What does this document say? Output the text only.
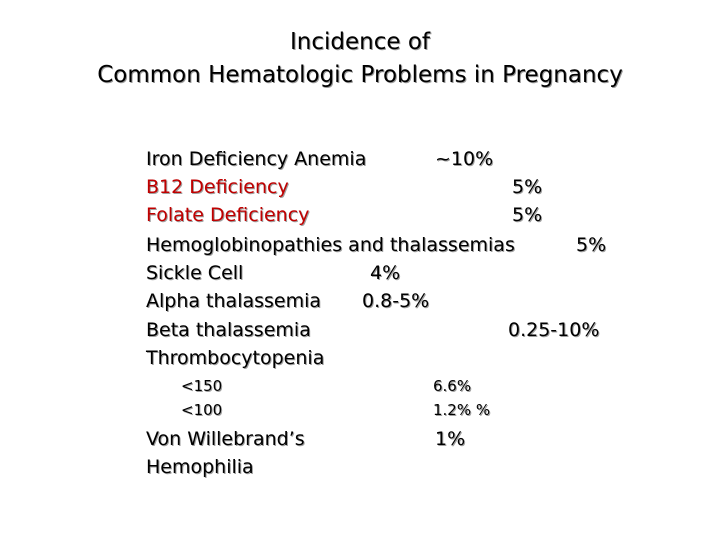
Incidence of
Common Hematologic Problems in Pregnancy
Iron Deficiency Anemia	~10%
B12 Deficiency	5%
Folate Deficiency	5%
Hemoglobinopathies and thalassemias	5%
Sickle Cell	4%
Alpha thalassemia 0.8-5%
Beta thalassemia	0.25-10%
Thrombocytopenia
<150	6.6%
<100	1.2% %
Von Willebrand’s	1%
Hemophilia
